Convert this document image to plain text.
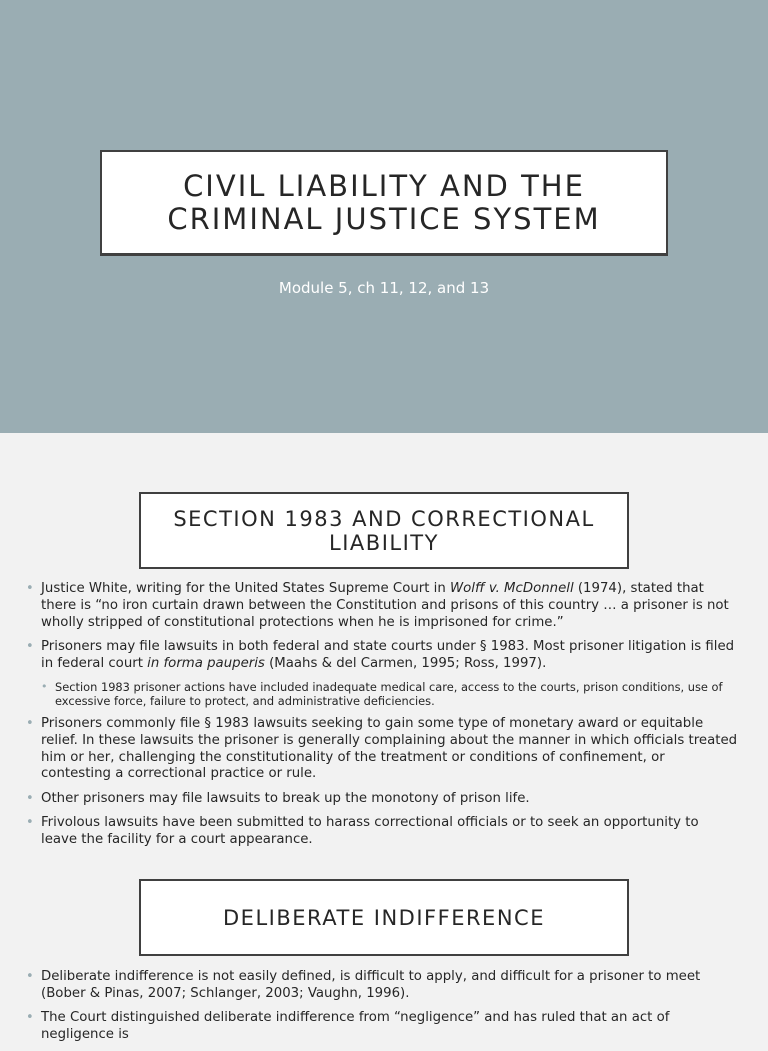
CIVIL LIABILITY AND THE
CRIMINAL JUSTICE SYSTEM
Module 5, ch 11, 12, and 13
SECTION 1983 AND CORRECTIONAL
LIABILITY
• Justice White, writing for the United States Supreme Court in Wolff v. McDonnell (1974), stated that there is “no iron curtain drawn between the Constitution and prisons of this country … a prisoner is not wholly stripped of constitutional protections when he is imprisoned for crime.”
• Prisoners may file lawsuits in both federal and state courts under § 1983. Most prisoner litigation is filed in federal court in forma pauperis (Maahs & del Carmen, 1995; Ross, 1997).
• Section 1983 prisoner actions have included inadequate medical care, access to the courts, prison conditions, use of excessive force, failure to protect, and administrative deficiencies.
• Prisoners commonly file § 1983 lawsuits seeking to gain some type of monetary award or equitable relief. In these lawsuits the prisoner is generally complaining about the manner in which officials treated him or her, challenging the constitutionality of the treatment or conditions of confinement, or contesting a correctional practice or rule.
• Other prisoners may file lawsuits to break up the monotony of prison life.
• Frivolous lawsuits have been submitted to harass correctional officials or to seek an opportunity to leave the facility for a court appearance.
DELIBERATE INDIFFERENCE
• Deliberate indifference is not easily defined, is difficult to apply, and difficult for a prisoner to meet (Bober & Pinas, 2007; Schlanger, 2003; Vaughn, 1996).
• The Court distinguished deliberate indifference from “negligence” and has ruled that an act of negligence is
